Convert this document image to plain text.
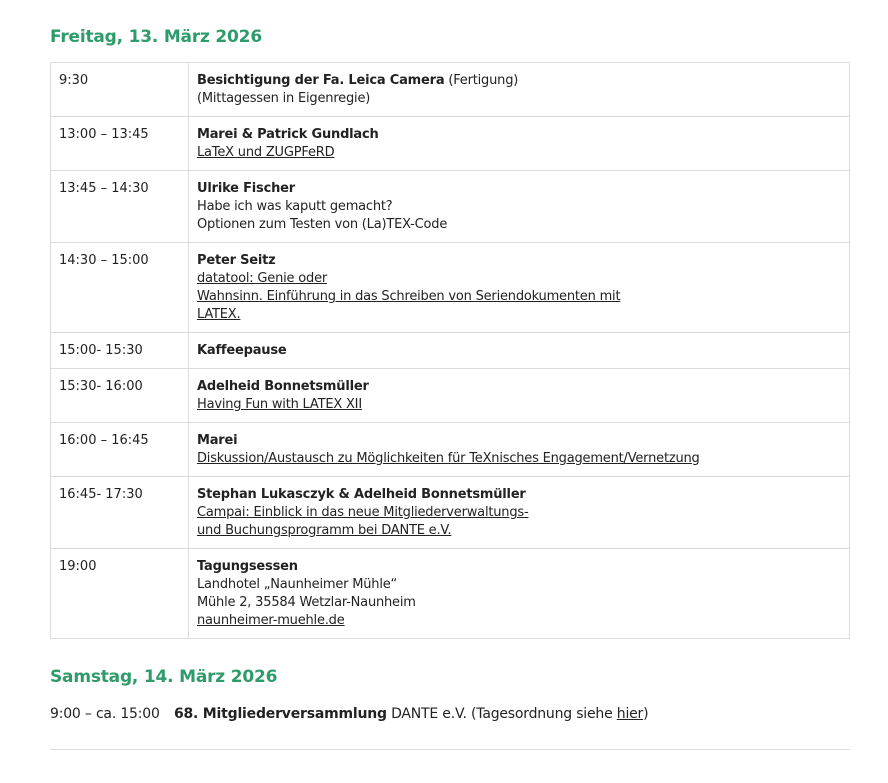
Freitag, 13. März 2026
9:30	Besichtigung der Fa. Leica Camera (Fertigung)
(Mittagessen in Eigenregie)

13:00 – 13:45	Marei & Patrick Gundlach
LaTeX und ZUGPFeRD

13:45 – 14:30	Ulrike Fischer
Habe ich was kaputt gemacht?
Optionen zum Testen von (La)TEX-Code

14:30 – 15:00	Peter Seitz
datatool: Genie oder
Wahnsinn. Einführung in das Schreiben von Seriendokumenten mit
LATEX.

15:00- 15:30	Kaffeepause

15:30- 16:00	Adelheid Bonnetsmüller
Having Fun with LATEX XII

16:00 – 16:45	Marei
Diskussion/Austausch zu Möglichkeiten für TeXnisches Engagement/Vernetzung

16:45- 17:30	Stephan Lukasczyk & Adelheid Bonnetsmüller
Campai: Einblick in das neue Mitgliederverwaltungs-
und Buchungsprogramm bei DANTE e.V.

19:00	Tagungsessen
Landhotel „Naunheimer Mühle“
Mühle 2, 35584 Wetzlar-Naunheim
naunheimer-muehle.de
Samstag, 14. März 2026
9:00 – ca. 15:00 68. Mitgliederversammlung DANTE e.V. (Tagesordnung siehe hier)
